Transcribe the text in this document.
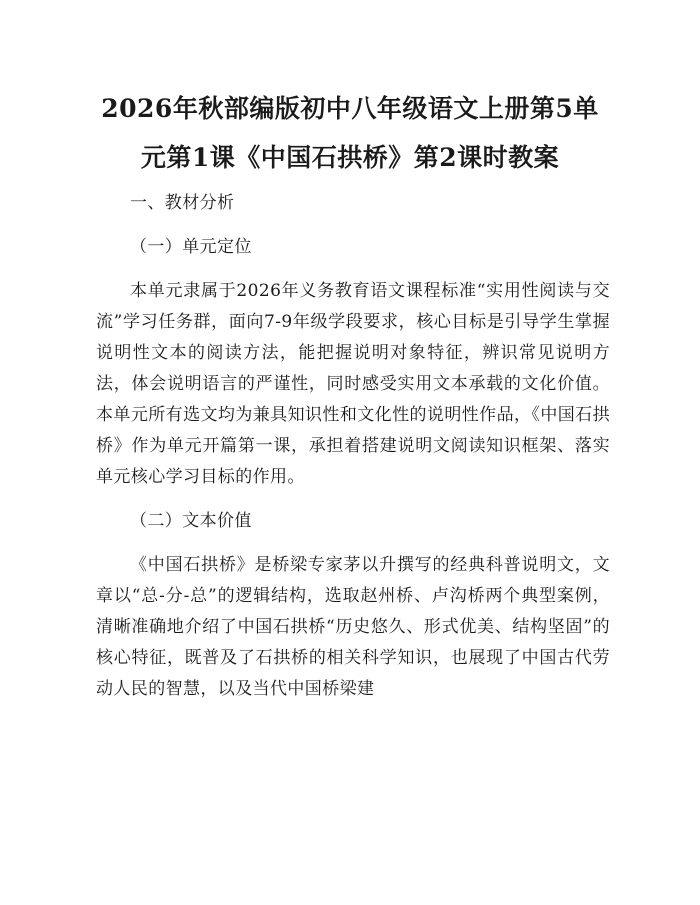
2026年秋部编版初中八年级语文上册第5单
元第1课《中国石拱桥》第2课时教案

一、教材分析

（一）单元定位

本单元隶属于2026年义务教育语文课程标准“实用性阅读与交流”学习任务群，面向7-9年级学段要求，核心目标是引导学生掌握说明性文本的阅读方法，能把握说明对象特征，辨识常见说明方法，体会说明语言的严谨性，同时感受实用文本承载的文化价值。本单元所有选文均为兼具知识性和文化性的说明性作品，《中国石拱桥》作为单元开篇第一课，承担着搭建说明文阅读知识框架、落实单元核心学习目标的作用。

（二）文本价值

《中国石拱桥》是桥梁专家茅以升撰写的经典科普说明文，文章以“总-分-总”的逻辑结构，选取赵州桥、卢沟桥两个典型案例，清晰准确地介绍了中国石拱桥“历史悠久、形式优美、结构坚固”的核心特征，既普及了石拱桥的相关科学知识，也展现了中国古代劳动人民的智慧，以及当代中国桥梁建
